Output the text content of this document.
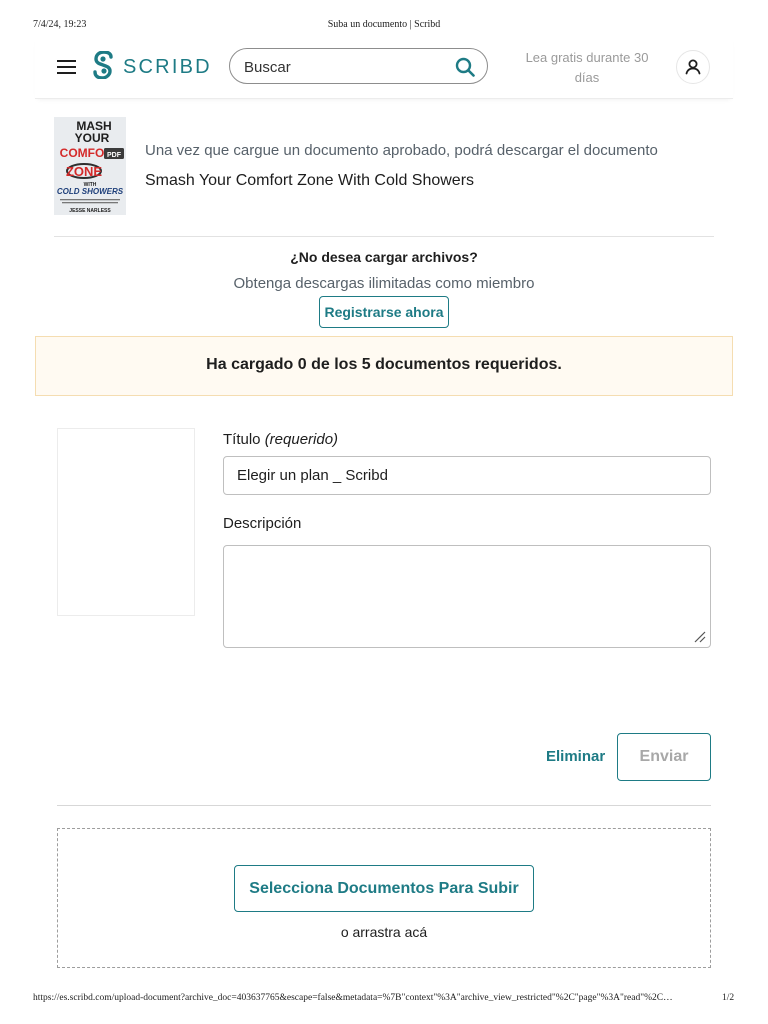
7/4/24, 19:23	Suba un documento | Scribd
SCRIBD Buscar
Lea gratis durante 30 días
MASH
YOUR
COMFO PDF
ZONE
WITH
COLD SHOWERS
JESSE NARLESS
Una vez que cargue un documento aprobado, podrá descargar el documento
Smash Your Comfort Zone With Cold Showers
¿No desea cargar archivos?
Obtenga descargas ilimitadas como miembro
Registrarse ahora
Ha cargado 0 de los 5 documentos requeridos.
Título (requerido)
Elegir un plan _ Scribd
Descripción
Eliminar	Enviar
Selecciona Documentos Para Subir
o arrastra acá
https://es.scribd.com/upload-document?archive_doc=403637765&escape=false&metadata=%7B"context"%3A"archive_view_restricted"%2C"page"%3A"read"%2C…	1/2
